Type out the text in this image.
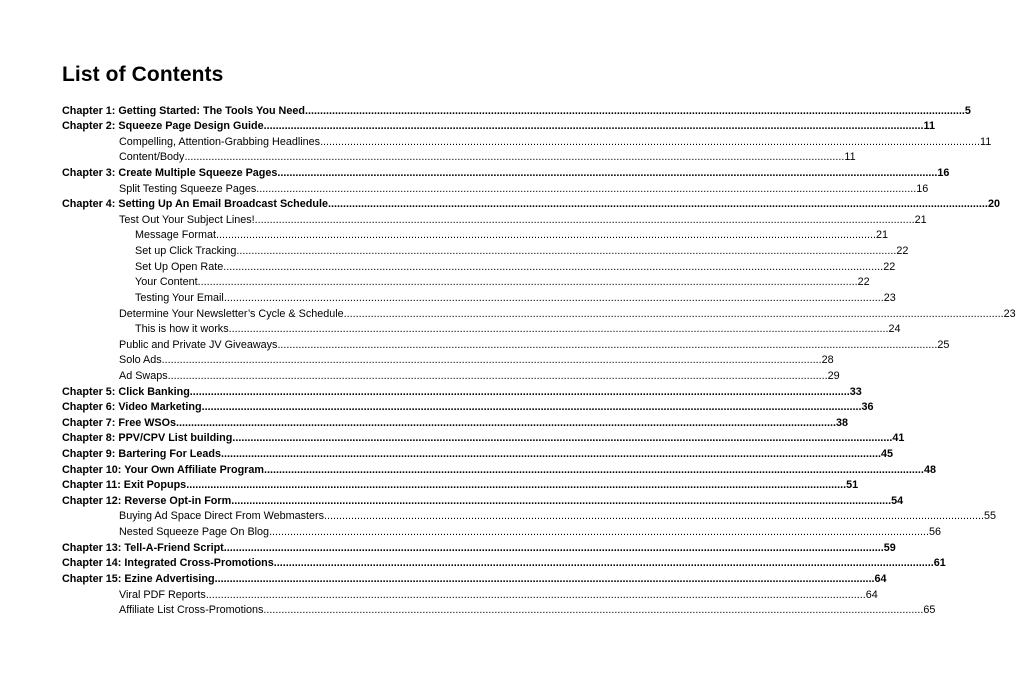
List of Contents
Chapter 1: Getting Started: The Tools You Need ............................................................................................................................................................................................................................ 5
Chapter 2: Squeeze Page Design Guide ............................................................................................................................................................................................................................ 11
Compelling, Attention-Grabbing Headlines ............................................................................................................................................................................................................................ 11
Content/Body ............................................................................................................................................................................................................................ 11
Chapter 3: Create Multiple Squeeze Pages ............................................................................................................................................................................................................................ 16
Split Testing Squeeze Pages ............................................................................................................................................................................................................................ 16
Chapter 4: Setting Up An Email Broadcast Schedule ............................................................................................................................................................................................................................ 20
Test Out Your Subject Lines! ............................................................................................................................................................................................................................ 21
Message Format ............................................................................................................................................................................................................................ 21
Set up Click Tracking ............................................................................................................................................................................................................................ 22
Set Up Open Rate ............................................................................................................................................................................................................................ 22
Your Content ............................................................................................................................................................................................................................ 22
Testing Your Email ............................................................................................................................................................................................................................ 23
Determine Your Newsletter’s Cycle & Schedule ............................................................................................................................................................................................................................ 23
This is how it works ............................................................................................................................................................................................................................ 24
Public and Private JV Giveaways ............................................................................................................................................................................................................................ 25
Solo Ads ............................................................................................................................................................................................................................ 28
Ad Swaps ............................................................................................................................................................................................................................ 29
Chapter 5: Click Banking ............................................................................................................................................................................................................................ 33
Chapter 6: Video Marketing ............................................................................................................................................................................................................................ 36
Chapter 7: Free WSOs ............................................................................................................................................................................................................................ 38
Chapter 8: PPV/CPV List building ............................................................................................................................................................................................................................ 41
Chapter 9: Bartering For Leads ............................................................................................................................................................................................................................ 45
Chapter 10: Your Own Affiliate Program ............................................................................................................................................................................................................................ 48
Chapter 11: Exit Popups ............................................................................................................................................................................................................................ 51
Chapter 12: Reverse Opt-in Form ............................................................................................................................................................................................................................ 54
Buying Ad Space Direct From Webmasters ............................................................................................................................................................................................................................ 55
Nested Squeeze Page On Blog ............................................................................................................................................................................................................................ 56
Chapter 13: Tell-A-Friend Script ............................................................................................................................................................................................................................ 59
Chapter 14: Integrated Cross-Promotions ............................................................................................................................................................................................................................ 61
Chapter 15: Ezine Advertising ............................................................................................................................................................................................................................ 64
Viral PDF Reports ............................................................................................................................................................................................................................ 64
Affiliate List Cross-Promotions ............................................................................................................................................................................................................................ 65
